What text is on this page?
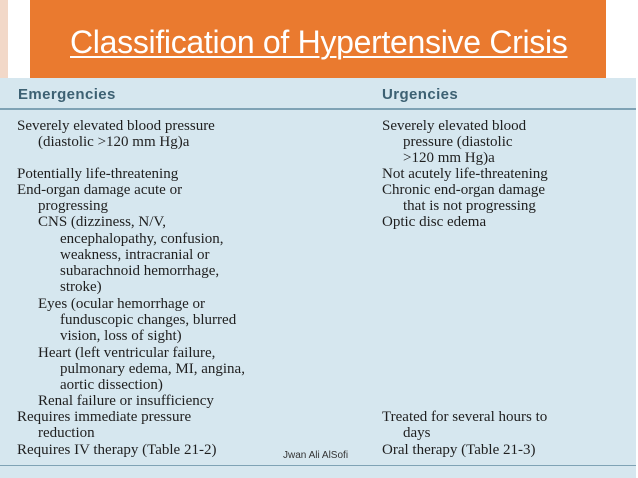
Classification of Hypertensive Crisis
Emergencies	Urgencies
Severely elevated blood pressure
(diastolic >120 mm Hg)a
Potentially life-threatening
End-organ damage acute or
progressing
CNS (dizziness, N/V,
encephalopathy, confusion,
weakness, intracranial or
subarachnoid hemorrhage,
stroke)
Eyes (ocular hemorrhage or
funduscopic changes, blurred
vision, loss of sight)
Heart (left ventricular failure,
pulmonary edema, MI, angina,
aortic dissection)
Renal failure or insufficiency
Requires immediate pressure
reduction
Requires IV therapy (Table 21-2)
Severely elevated blood
pressure (diastolic
>120 mm Hg)a
Not acutely life-threatening
Chronic end-organ damage
that is not progressing
Optic disc edema
Treated for several hours to
days
Oral therapy (Table 21-3)
Jwan Ali AlSofi
